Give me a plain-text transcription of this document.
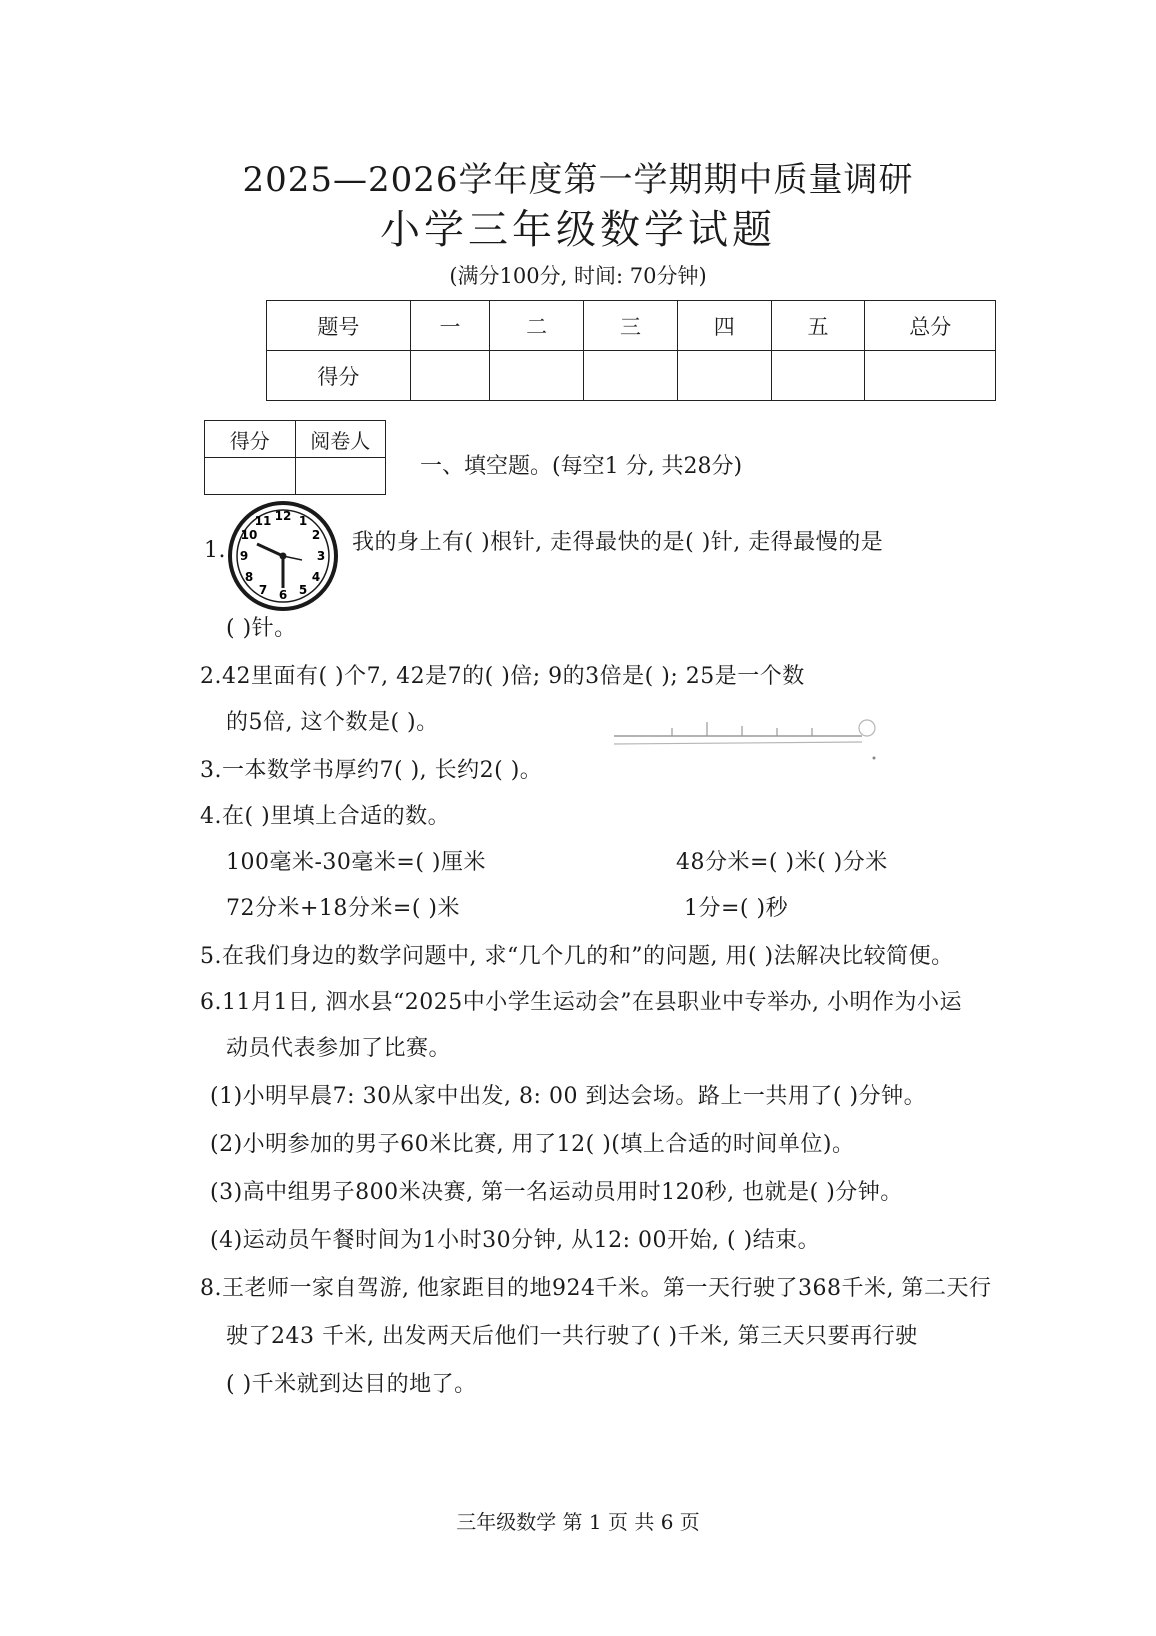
2025—2026学年度第一学期期中质量调研
小学三年级数学试题
(满分100分, 时间: 70分钟)
题号	一	二	三	四	五	总分
得分						
得分	阅卷人

一、填空题。(每空1 分, 共28分)
1.
12 1
2
3
4
5
6
7
8
9
10
11
我的身上有( )根针, 走得最快的是( )针, 走得最慢的是
( )针。
2.42里面有( )个7, 42是7的( )倍; 9的3倍是( ); 25是一个数
的5倍, 这个数是( )。
3.一本数学书厚约7( ), 长约2( )。
4.在( )里填上合适的数。
100毫米-30毫米=( )厘米	48分米=( )米( )分米
72分米+18分米=( )米	1分=( )秒
5.在我们身边的数学问题中, 求“几个几的和”的问题, 用( )法解决比较简便。
6.11月1日, 泗水县“2025中小学生运动会”在县职业中专举办, 小明作为小运
动员代表参加了比赛。
(1)小明早晨7: 30从家中出发, 8: 00 到达会场。路上一共用了( )分钟。
(2)小明参加的男子60米比赛, 用了12( )(填上合适的时间单位)。
(3)高中组男子800米决赛, 第一名运动员用时120秒, 也就是( )分钟。
(4)运动员午餐时间为1小时30分钟, 从12: 00开始, ( )结束。
8.王老师一家自驾游, 他家距目的地924千米。第一天行驶了368千米, 第二天行
驶了243 千米, 出发两天后他们一共行驶了( )千米, 第三天只要再行驶
( )千米就到达目的地了。
三年级数学 第 1 页 共 6 页
